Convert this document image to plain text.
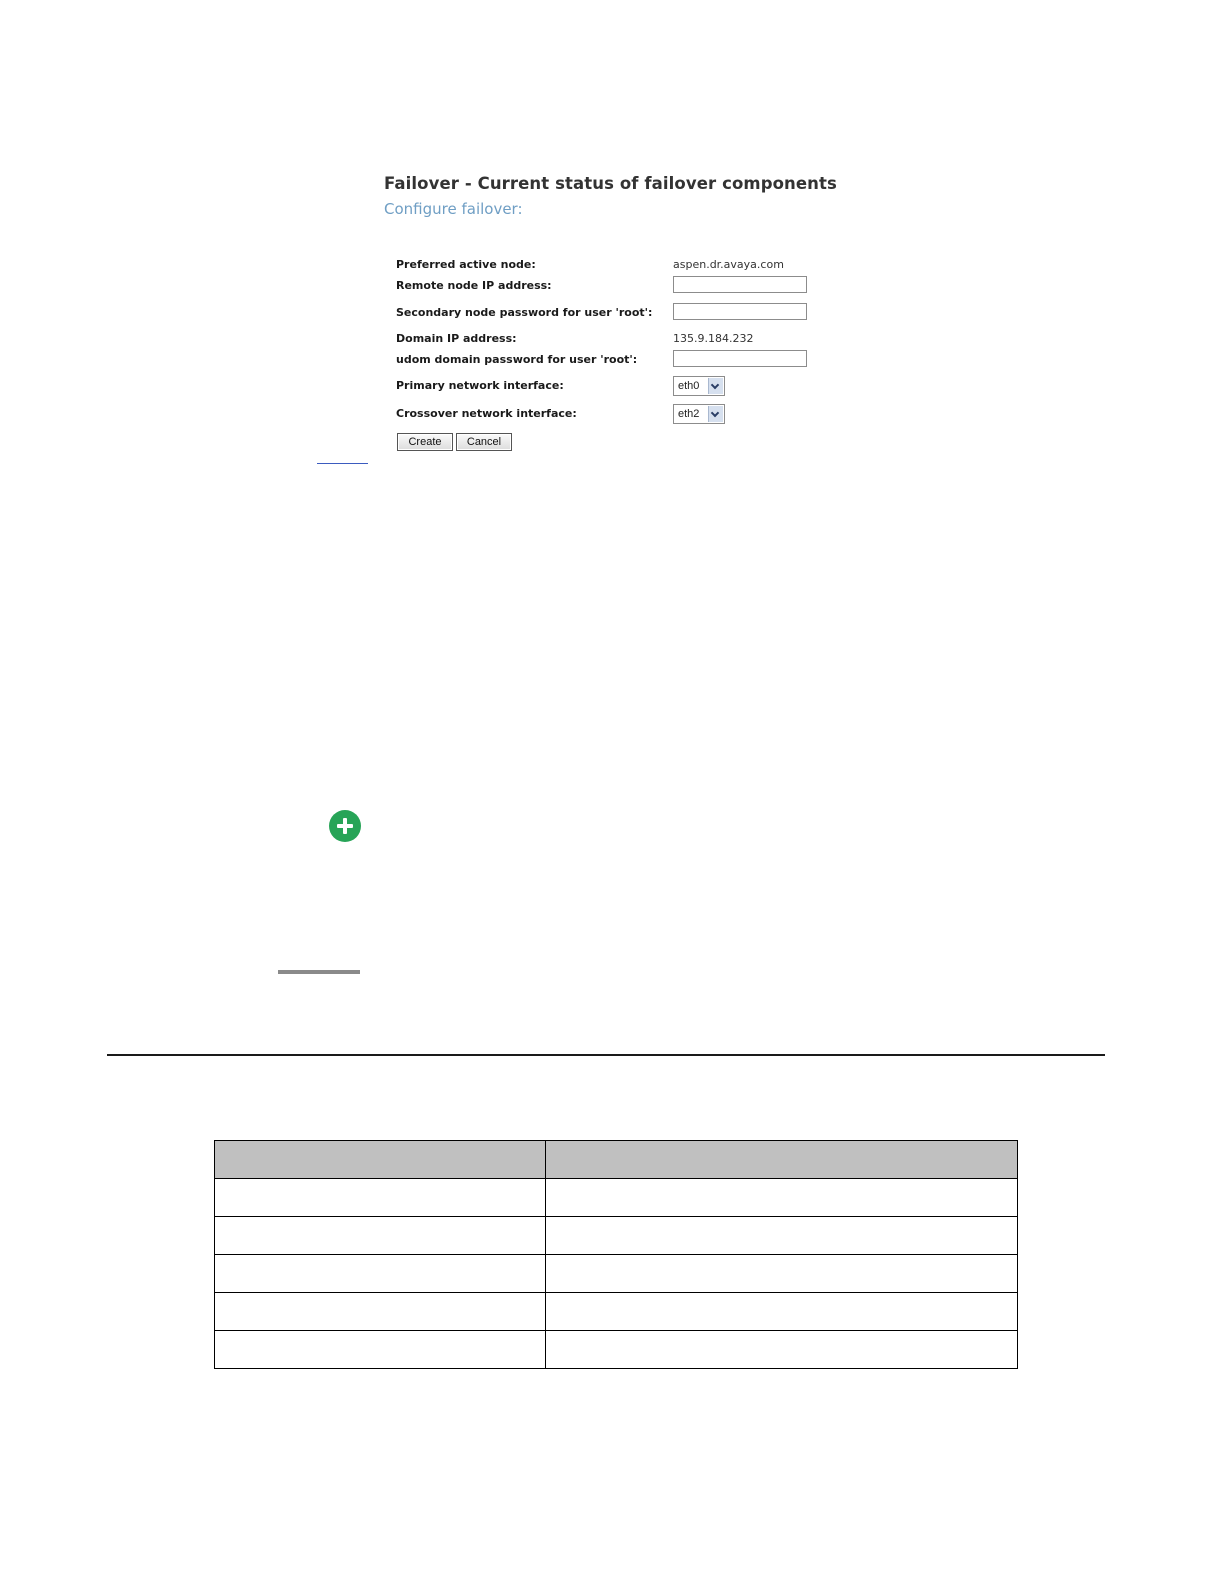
Failover - Current status of failover components
Configure failover:
Preferred active node:	aspen.dr.avaya.com
Remote node IP address:
Secondary node password for user 'root':
Domain IP address:	135.9.184.232
udom domain password for user 'root':
Primary network interface:	eth0
Crossover network interface:	eth2
Create	Cancel
